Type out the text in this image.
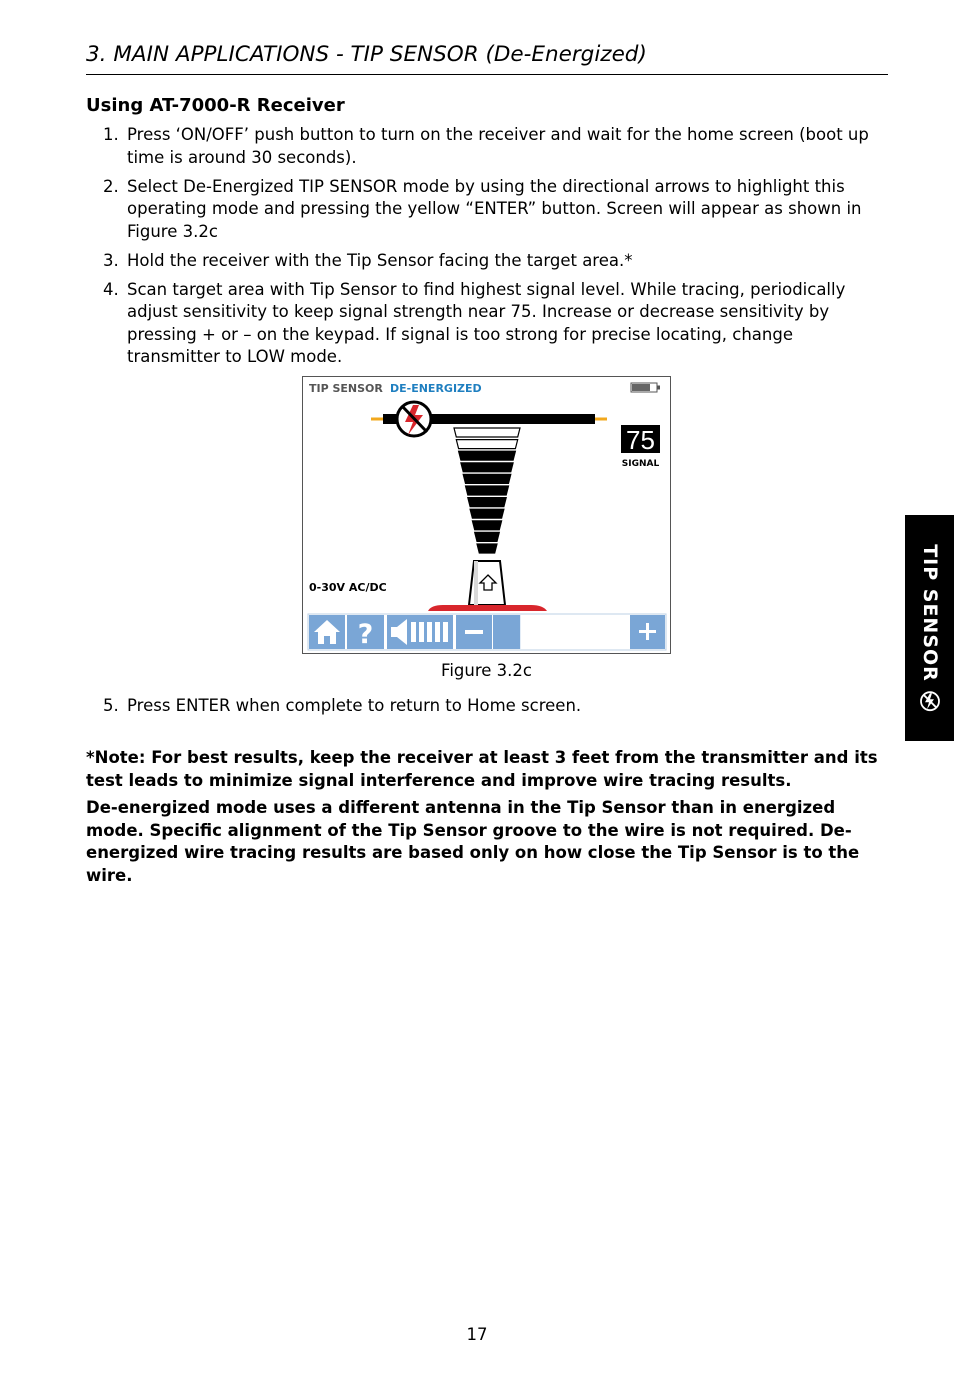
3. MAIN APPLICATIONS - TIP SENSOR (De-Energized)
Using AT-7000-R Receiver
1. Press ‘ON/OFF’ push button to turn on the receiver and wait for the home screen (boot up time is around 30 seconds).
2. Select De-Energized TIP SENSOR mode by using the directional arrows to highlight this operating mode and pressing the yellow “ENTER” button. Screen will appear as shown in Figure 3.2c
3. Hold the receiver with the Tip Sensor facing the target area.*
4. Scan target area with Tip Sensor to find highest signal level. While tracing, periodically adjust sensitivity to keep signal strength near 75. Increase or decrease sensitivity by pressing + or – on the keypad. If signal is too strong for precise locating, change transmitter to LOW mode.
TIP SENSOR DE-ENERGIZED
75
SIGNAL
0-30V AC/DC
?
Figure 3.2c
5. Press ENTER when complete to return to Home screen.

*Note: For best results, keep the receiver at least 3 feet from the transmitter and its test leads to minimize signal interference and improve wire tracing results.

De-energized mode uses a different antenna in the Tip Sensor than in energized mode. Specific alignment of the Tip Sensor groove to the wire is not required. De-energized wire tracing results are based only on how close the Tip Sensor is to the wire.

TIP SENSOR
17
